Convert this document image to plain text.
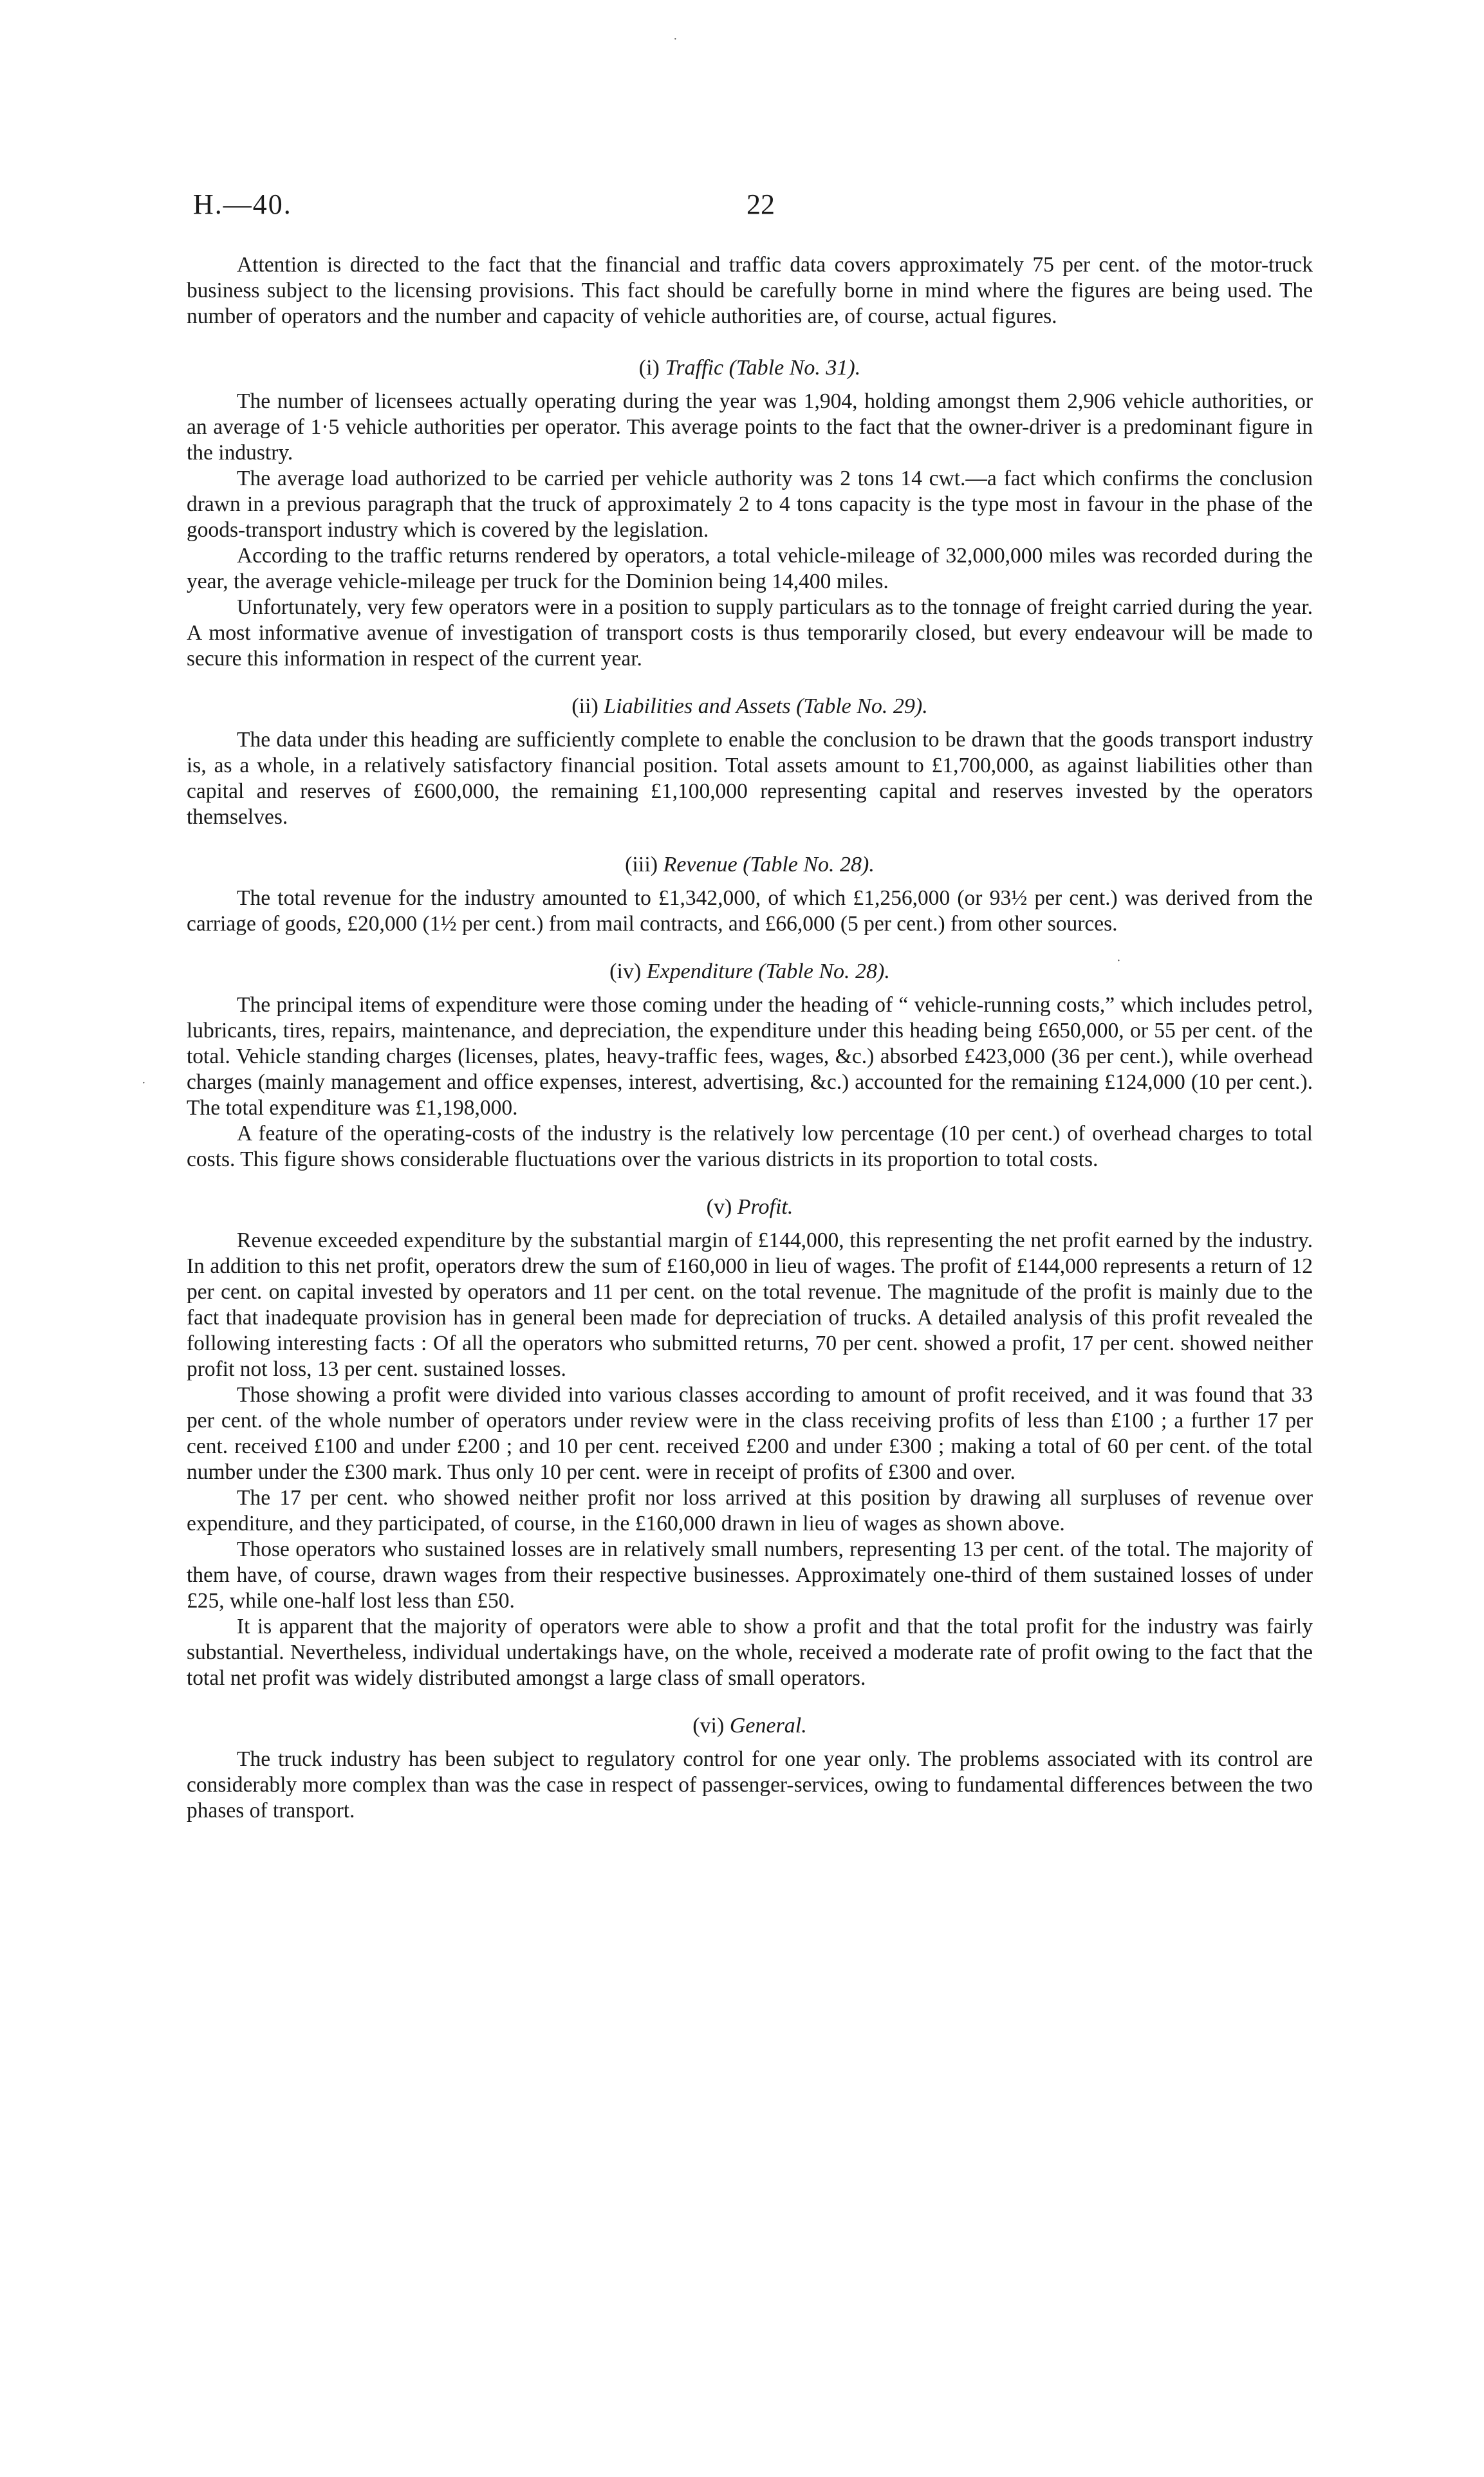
H.—40.	22

Attention is directed to the fact that the financial and traffic data covers approximately 75 per cent. of the motor-truck business subject to the licensing provisions. This fact should be carefully borne in mind where the figures are being used. The number of operators and the number and capacity of vehicle authorities are, of course, actual figures.

(i) Traffic (Table No. 31).

The number of licensees actually operating during the year was 1,904, holding amongst them 2,906 vehicle authorities, or an average of 1·5 vehicle authorities per operator. This average points to the fact that the owner-driver is a predominant figure in the industry.

The average load authorized to be carried per vehicle authority was 2 tons 14 cwt.—a fact which confirms the conclusion drawn in a previous paragraph that the truck of approximately 2 to 4 tons capacity is the type most in favour in the phase of the goods-transport industry which is covered by the legislation.

According to the traffic returns rendered by operators, a total vehicle-mileage of 32,000,000 miles was recorded during the year, the average vehicle-mileage per truck for the Dominion being 14,400 miles.

Unfortunately, very few operators were in a position to supply particulars as to the tonnage of freight carried during the year. A most informative avenue of investigation of transport costs is thus temporarily closed, but every endeavour will be made to secure this information in respect of the current year.

(ii) Liabilities and Assets (Table No. 29).

The data under this heading are sufficiently complete to enable the conclusion to be drawn that the goods transport industry is, as a whole, in a relatively satisfactory financial position. Total assets amount to £1,700,000, as against liabilities other than capital and reserves of £600,000, the remaining £1,100,000 representing capital and reserves invested by the operators themselves.

(iii) Revenue (Table No. 28).

The total revenue for the industry amounted to £1,342,000, of which £1,256,000 (or 93½ per cent.) was derived from the carriage of goods, £20,000 (1½ per cent.) from mail contracts, and £66,000 (5 per cent.) from other sources.

(iv) Expenditure (Table No. 28).

The principal items of expenditure were those coming under the heading of “ vehicle-running costs,” which includes petrol, lubricants, tires, repairs, maintenance, and depreciation, the expenditure under this heading being £650,000, or 55 per cent. of the total. Vehicle standing charges (licenses, plates, heavy-traffic fees, wages, &c.) absorbed £423,000 (36 per cent.), while overhead charges (mainly management and office expenses, interest, advertising, &c.) accounted for the remaining £124,000 (10 per cent.). The total expenditure was £1,198,000.

A feature of the operating-costs of the industry is the relatively low percentage (10 per cent.) of overhead charges to total costs. This figure shows considerable fluctuations over the various districts in its proportion to total costs.

(v) Profit.

Revenue exceeded expenditure by the substantial margin of £144,000, this representing the net profit earned by the industry. In addition to this net profit, operators drew the sum of £160,000 in lieu of wages. The profit of £144,000 represents a return of 12 per cent. on capital invested by operators and 11 per cent. on the total revenue. The magnitude of the profit is mainly due to the fact that inadequate provision has in general been made for depreciation of trucks. A detailed analysis of this profit revealed the following interesting facts : Of all the operators who submitted returns, 70 per cent. showed a profit, 17 per cent. showed neither profit not loss, 13 per cent. sustained losses.

Those showing a profit were divided into various classes according to amount of profit received, and it was found that 33 per cent. of the whole number of operators under review were in the class receiving profits of less than £100 ; a further 17 per cent. received £100 and under £200 ; and 10 per cent. received £200 and under £300 ; making a total of 60 per cent. of the total number under the £300 mark. Thus only 10 per cent. were in receipt of profits of £300 and over.

The 17 per cent. who showed neither profit nor loss arrived at this position by drawing all surpluses of revenue over expenditure, and they participated, of course, in the £160,000 drawn in lieu of wages as shown above.

Those operators who sustained losses are in relatively small numbers, representing 13 per cent. of the total. The majority of them have, of course, drawn wages from their respective businesses. Approximately one-third of them sustained losses of under £25, while one-half lost less than £50.

It is apparent that the majority of operators were able to show a profit and that the total profit for the industry was fairly substantial. Nevertheless, individual undertakings have, on the whole, received a moderate rate of profit owing to the fact that the total net profit was widely distributed amongst a large class of small operators.

(vi) General.

The truck industry has been subject to regulatory control for one year only. The problems associated with its control are considerably more complex than was the case in respect of passenger-services, owing to fundamental differences between the two phases of transport.

·
·
·
